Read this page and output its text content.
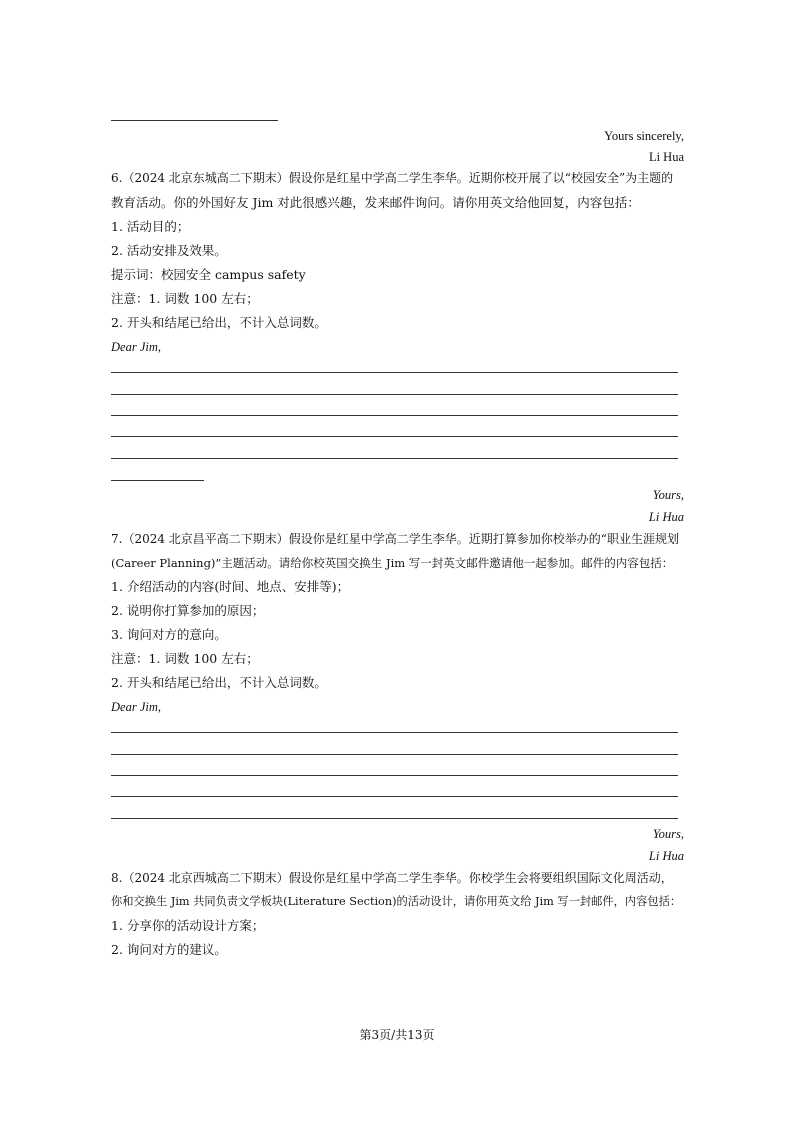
Yours sincerely,
Li Hua
6.（2024 北京东城高二下期末）假设你是红星中学高二学生李华。近期你校开展了以“校园安全”为主题的
教育活动。你的外国好友 Jim 对此很感兴趣，发来邮件询问。请你用英文给他回复，内容包括：
1. 活动目的；
2. 活动安排及效果。
提示词：校园安全 campus safety
注意：1. 词数 100 左右；
2. 开头和结尾已给出，不计入总词数。
Dear Jim,
Yours,
Li Hua
7.（2024 北京昌平高二下期末）假设你是红星中学高二学生李华。近期打算参加你校举办的“职业生涯规划
(Career Planning)”主题活动。请给你校英国交换生 Jim 写一封英文邮件邀请他一起参加。邮件的内容包括：
1. 介绍活动的内容(时间、地点、安排等)；
2. 说明你打算参加的原因；
3. 询问对方的意向。
注意：1. 词数 100 左右；
2. 开头和结尾已给出，不计入总词数。
Dear Jim,
Yours,
Li Hua
8.（2024 北京西城高二下期末）假设你是红星中学高二学生李华。你校学生会将要组织国际文化周活动，
你和交换生 Jim 共同负责文学板块(Literature Section)的活动设计，请你用英文给 Jim 写一封邮件，内容包括：
1. 分享你的活动设计方案；
2. 询问对方的建议。
第3页/共13页
